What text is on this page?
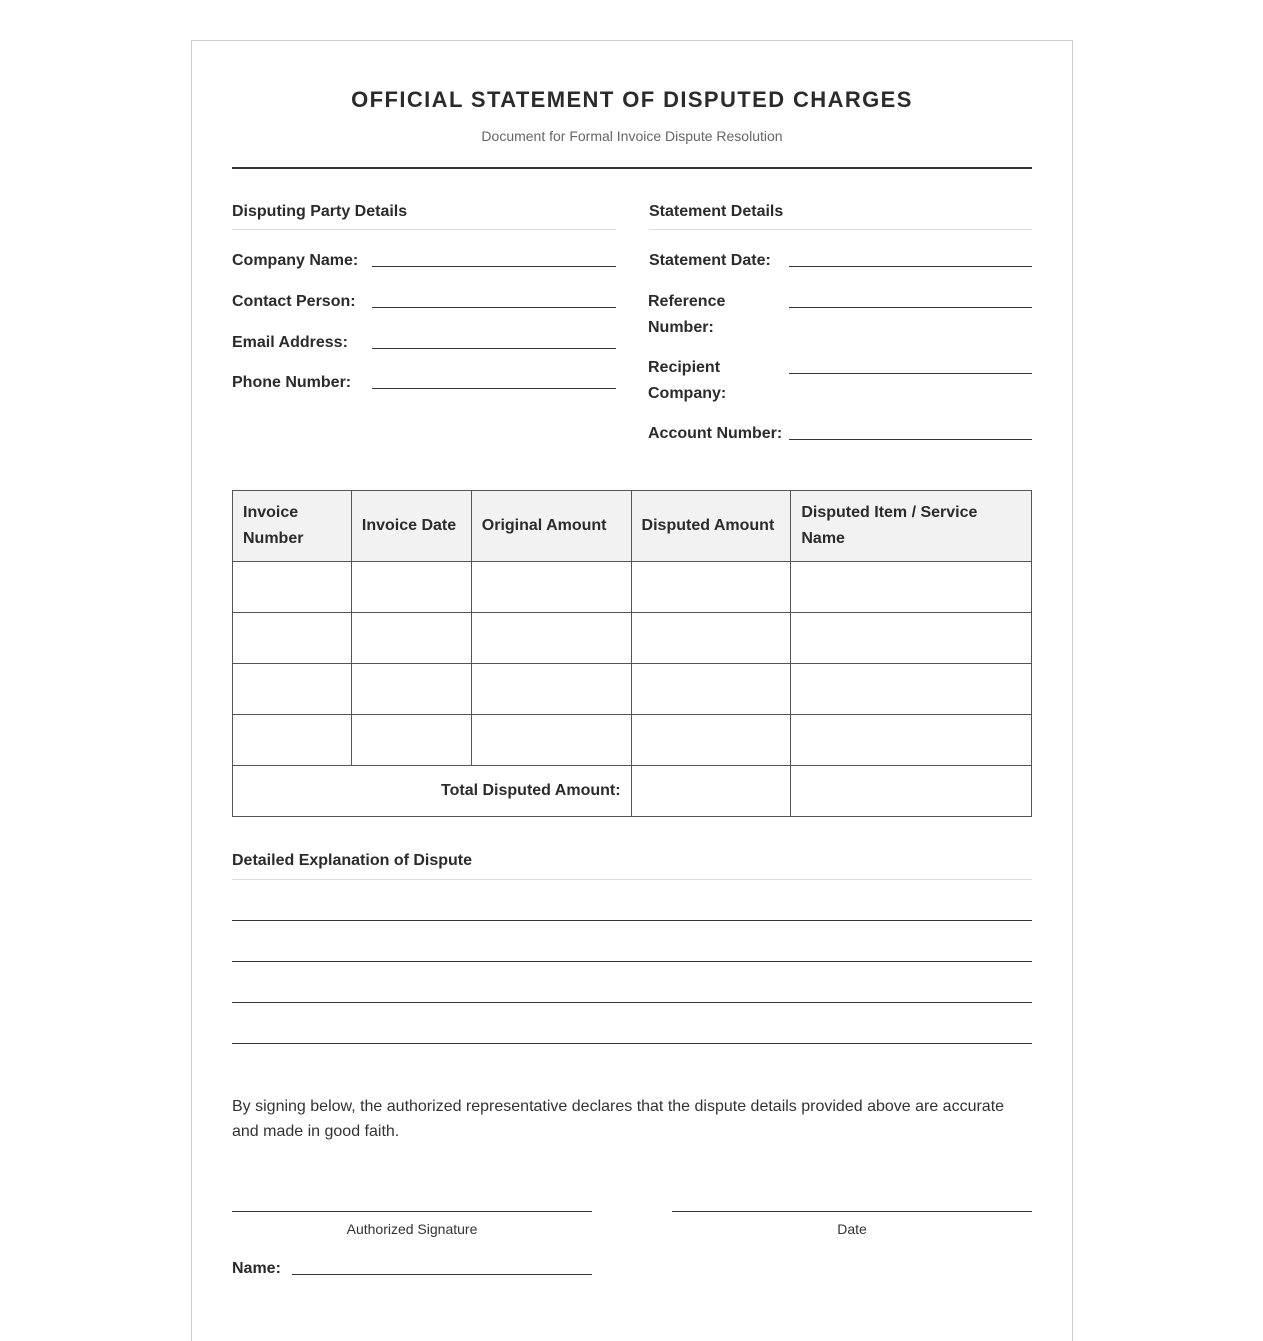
OFFICIAL STATEMENT OF DISPUTED CHARGES
Document for Formal Invoice Dispute Resolution
Disputing Party Details
Company Name:
Contact Person:
Email Address:
Phone Number:
Statement Details
Statement Date:
Reference Number:
Recipient Company:
Account Number:
Invoice Number	Invoice Date	Original Amount	Disputed Amount	Disputed Item / Service Name

Total Disputed Amount:				
Detailed Explanation of Dispute
By signing below, the authorized representative declares that the dispute details provided above are accurate and made in good faith.
Authorized Signature	Date
Name:
